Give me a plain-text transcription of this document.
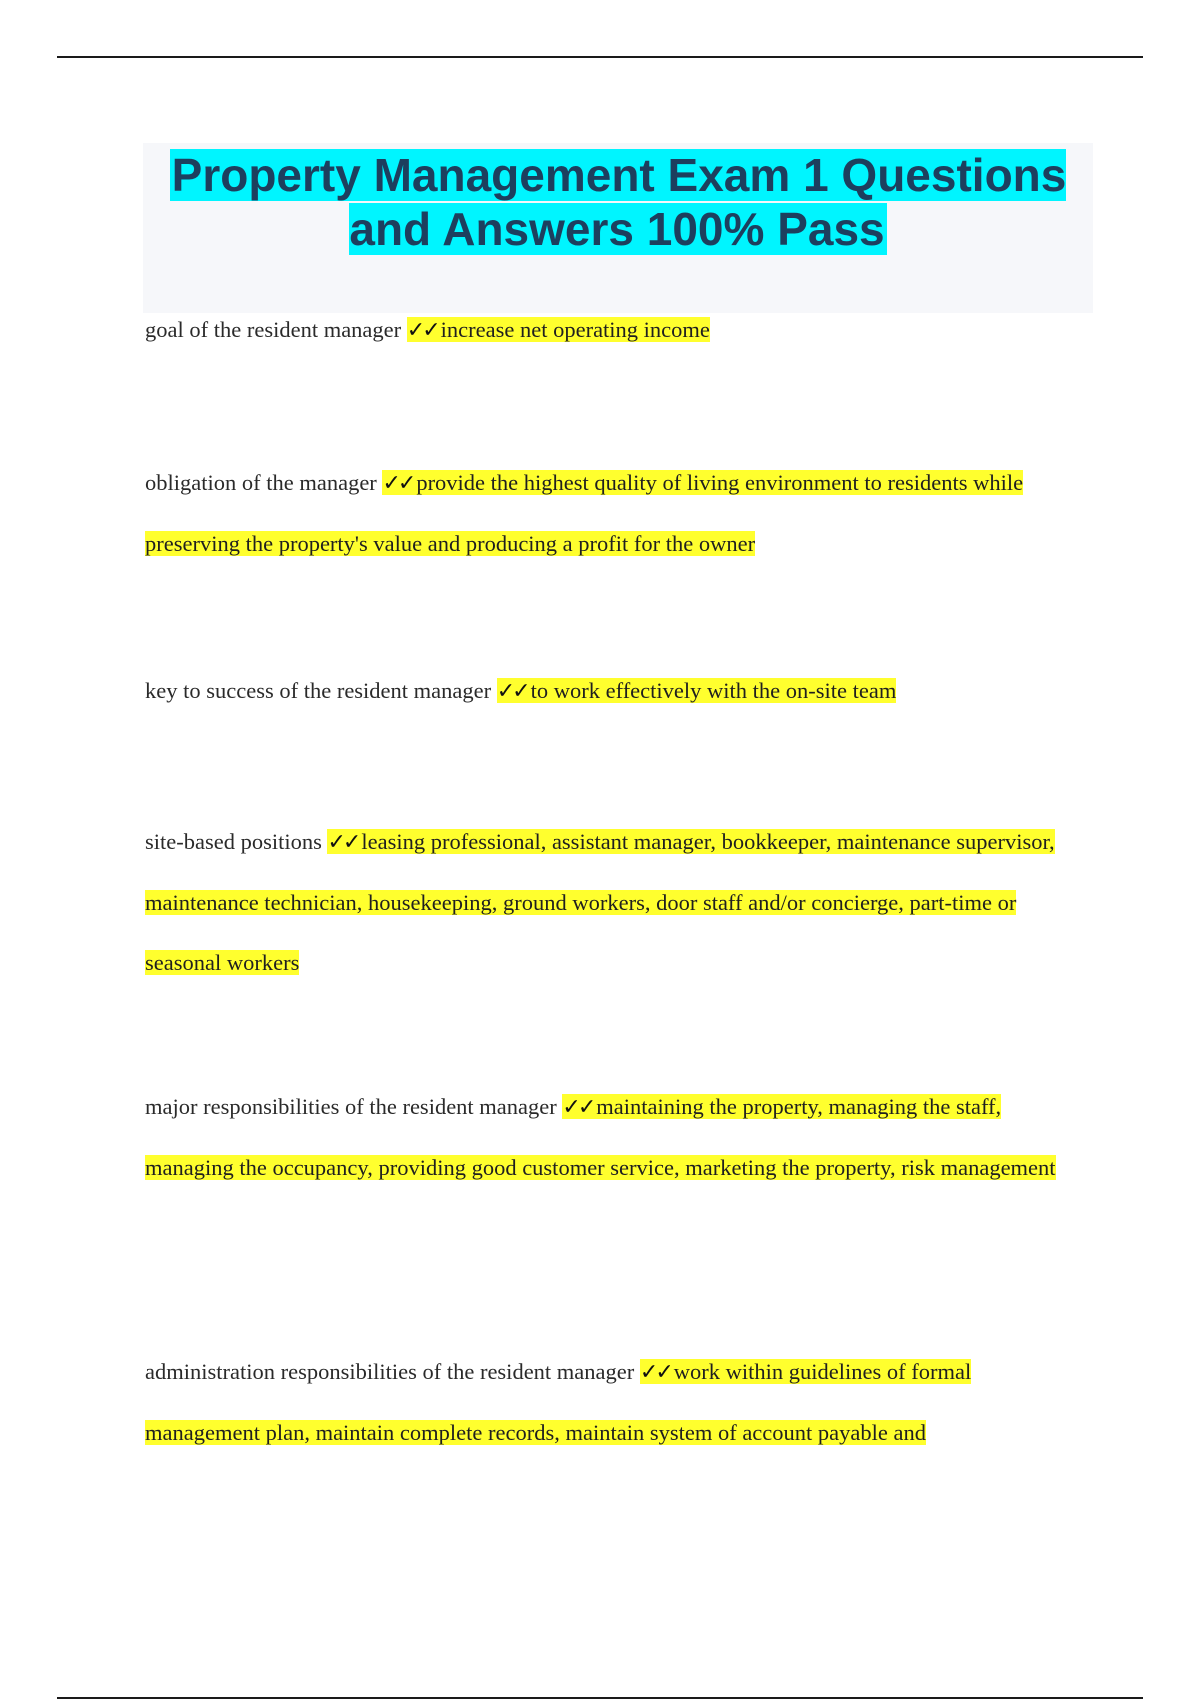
Property Management Exam 1 Questions and Answers 100% Pass

goal of the resident manager ✓✓ increase net operating income

obligation of the manager ✓✓ provide the highest quality of living environment to residents while preserving the property's value and producing a profit for the owner

key to success of the resident manager ✓✓ to work effectively with the on-site team

site-based positions ✓✓ leasing professional, assistant manager, bookkeeper, maintenance supervisor, maintenance technician, housekeeping, ground workers, door staff and/or concierge, part-time or seasonal workers

major responsibilities of the resident manager ✓✓ maintaining the property, managing the staff, managing the occupancy, providing good customer service, marketing the property, risk management

administration responsibilities of the resident manager ✓✓ work within guidelines of formal management plan, maintain complete records, maintain system of account payable and
